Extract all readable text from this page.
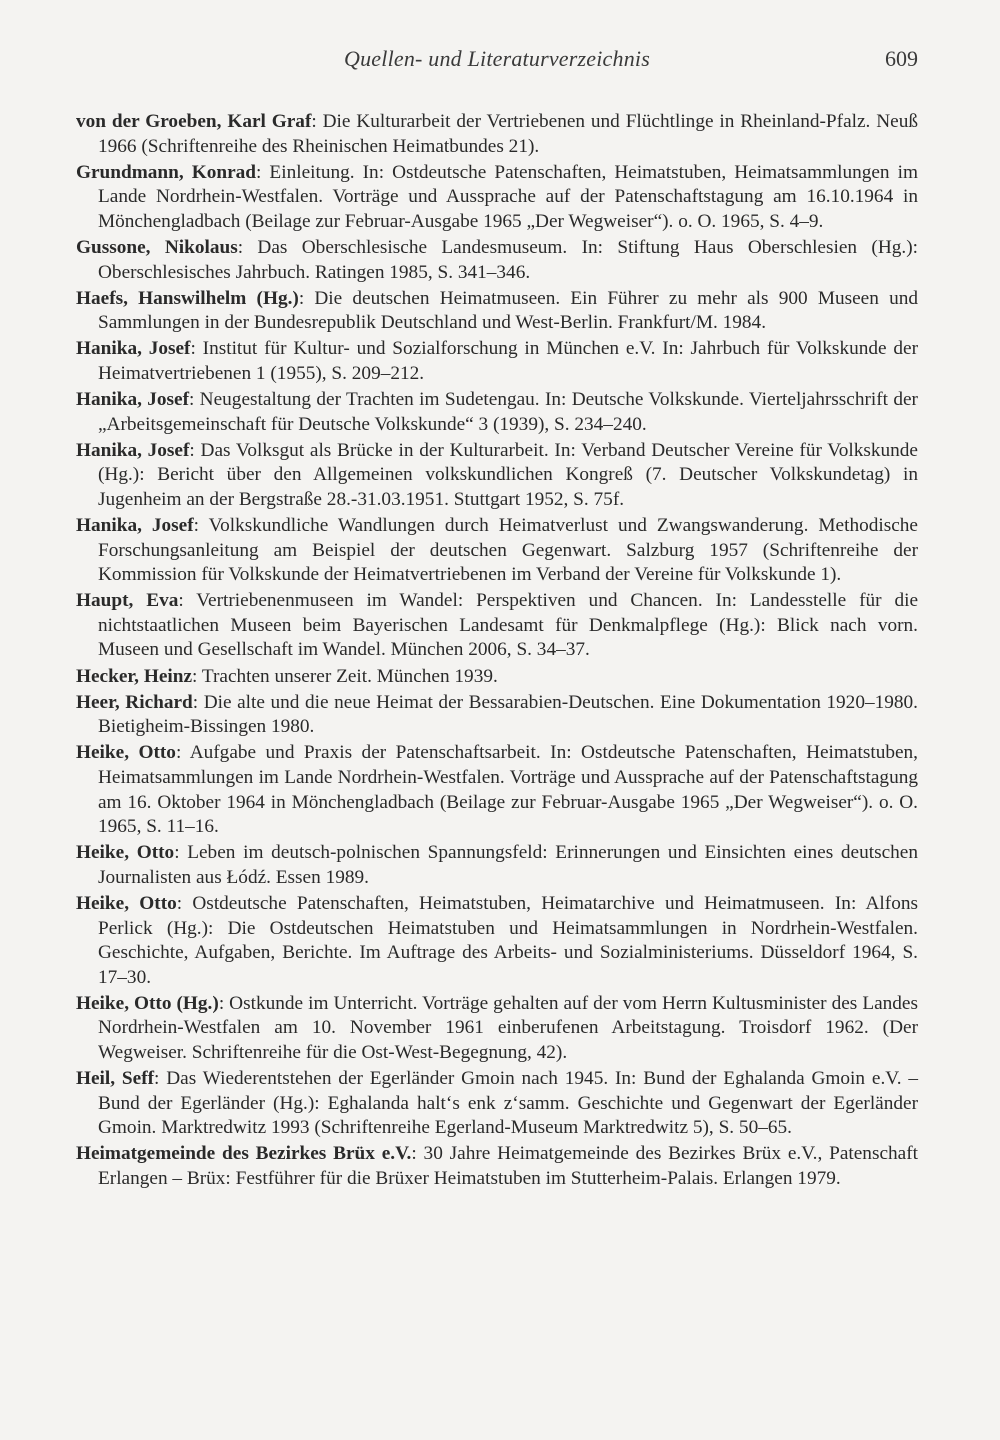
Quellen- und Literaturverzeichnis	609

von der Groeben, Karl Graf: Die Kulturarbeit der Vertriebenen und Flüchtlinge in Rheinland-Pfalz. Neuß 1966 (Schriftenreihe des Rheinischen Heimatbundes 21).

Grundmann, Konrad: Einleitung. In: Ostdeutsche Patenschaften, Heimatstuben, Heimatsammlungen im Lande Nordrhein-Westfalen. Vorträge und Aussprache auf der Patenschaftstagung am 16.10.1964 in Mönchengladbach (Beilage zur Februar-Ausgabe 1965 „Der Wegweiser“). o. O. 1965, S. 4–9.

Gussone, Nikolaus: Das Oberschlesische Landesmuseum. In: Stiftung Haus Oberschlesien (Hg.): Oberschlesisches Jahrbuch. Ratingen 1985, S. 341–346.

Haefs, Hanswilhelm (Hg.): Die deutschen Heimatmuseen. Ein Führer zu mehr als 900 Museen und Sammlungen in der Bundesrepublik Deutschland und West-Berlin. Frankfurt/M. 1984.

Hanika, Josef: Institut für Kultur- und Sozialforschung in München e.V. In: Jahrbuch für Volkskunde der Heimatvertriebenen 1 (1955), S. 209–212.

Hanika, Josef: Neugestaltung der Trachten im Sudetengau. In: Deutsche Volkskunde. Vierteljahrsschrift der „Arbeitsgemeinschaft für Deutsche Volkskunde“ 3 (1939), S. 234–240.

Hanika, Josef: Das Volksgut als Brücke in der Kulturarbeit. In: Verband Deutscher Vereine für Volkskunde (Hg.): Bericht über den Allgemeinen volkskundlichen Kongreß (7. Deutscher Volkskundetag) in Jugenheim an der Bergstraße 28.-31.03.1951. Stuttgart 1952, S. 75f.

Hanika, Josef: Volkskundliche Wandlungen durch Heimatverlust und Zwangswanderung. Methodische Forschungsanleitung am Beispiel der deutschen Gegenwart. Salzburg 1957 (Schriftenreihe der Kommission für Volkskunde der Heimatvertriebenen im Verband der Vereine für Volkskunde 1).

Haupt, Eva: Vertriebenenmuseen im Wandel: Perspektiven und Chancen. In: Landesstelle für die nichtstaatlichen Museen beim Bayerischen Landesamt für Denkmalpflege (Hg.): Blick nach vorn. Museen und Gesellschaft im Wandel. München 2006, S. 34–37.

Hecker, Heinz: Trachten unserer Zeit. München 1939.

Heer, Richard: Die alte und die neue Heimat der Bessarabien-Deutschen. Eine Dokumentation 1920–1980. Bietigheim-Bissingen 1980.

Heike, Otto: Aufgabe und Praxis der Patenschaftsarbeit. In: Ostdeutsche Patenschaften, Heimatstuben, Heimatsammlungen im Lande Nordrhein-Westfalen. Vorträge und Aussprache auf der Patenschaftstagung am 16. Oktober 1964 in Mönchengladbach (Beilage zur Februar-Ausgabe 1965 „Der Wegweiser“). o. O. 1965, S. 11–16.

Heike, Otto: Leben im deutsch-polnischen Spannungsfeld: Erinnerungen und Einsichten eines deutschen Journalisten aus Łódź. Essen 1989.

Heike, Otto: Ostdeutsche Patenschaften, Heimatstuben, Heimatarchive und Heimatmuseen. In: Alfons Perlick (Hg.): Die Ostdeutschen Heimatstuben und Heimatsammlungen in Nordrhein-Westfalen. Geschichte, Aufgaben, Berichte. Im Auftrage des Arbeits- und Sozialministeriums. Düsseldorf 1964, S. 17–30.

Heike, Otto (Hg.): Ostkunde im Unterricht. Vorträge gehalten auf der vom Herrn Kultusminister des Landes Nordrhein-Westfalen am 10. November 1961 einberufenen Arbeitstagung. Troisdorf 1962. (Der Wegweiser. Schriftenreihe für die Ost-West-Begegnung, 42).

Heil, Seff: Das Wiederentstehen der Egerländer Gmoin nach 1945. In: Bund der Eghalanda Gmoin e.V. – Bund der Egerländer (Hg.): Eghalanda halt‘s enk z‘samm. Geschichte und Gegenwart der Egerländer Gmoin. Marktredwitz 1993 (Schriftenreihe Egerland-Museum Marktredwitz 5), S. 50–65.

Heimatgemeinde des Bezirkes Brüx e.V.: 30 Jahre Heimatgemeinde des Bezirkes Brüx e.V., Patenschaft Erlangen – Brüx: Festführer für die Brüxer Heimatstuben im Stutterheim-Palais. Erlangen 1979.
